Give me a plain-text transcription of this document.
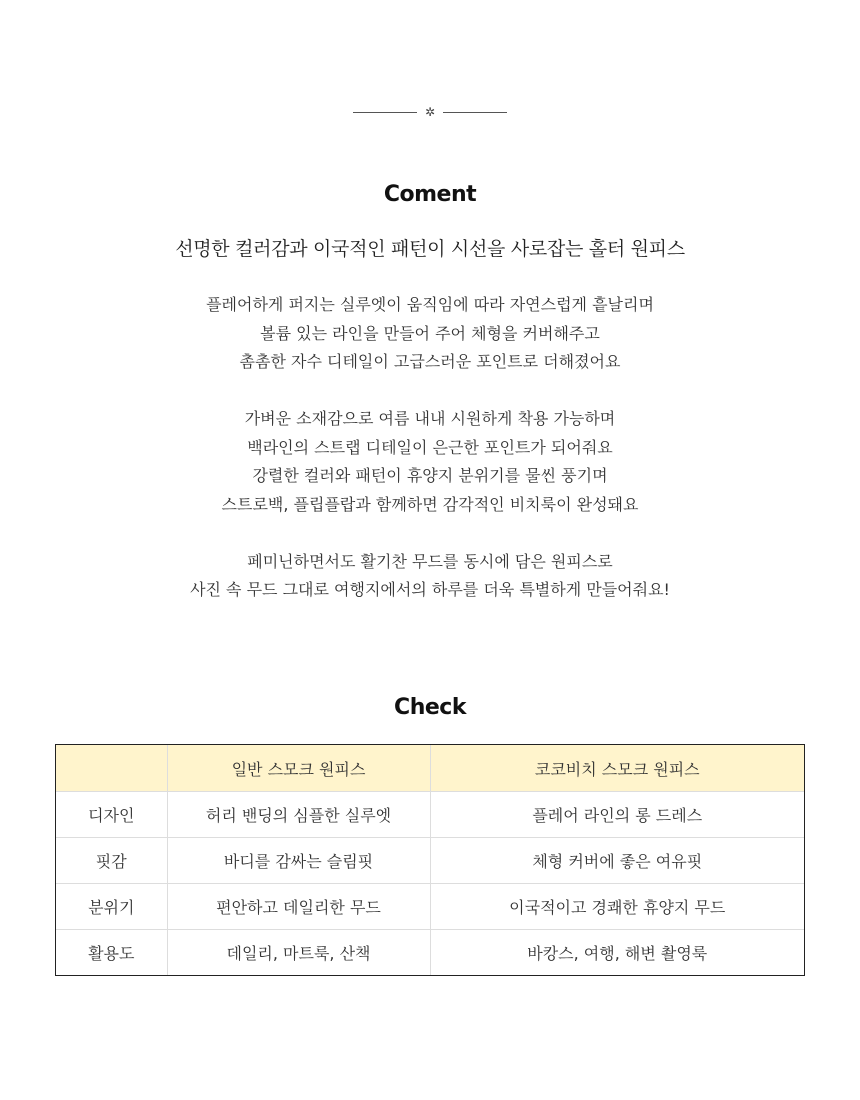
✲
Coment
선명한 컬러감과 이국적인 패턴이 시선을 사로잡는 홀터 원피스
플레어하게 퍼지는 실루엣이 움직임에 따라 자연스럽게 흩날리며
볼륨 있는 라인을 만들어 주어 체형을 커버해주고
촘촘한 자수 디테일이 고급스러운 포인트로 더해졌어요
가벼운 소재감으로 여름 내내 시원하게 착용 가능하며
백라인의 스트랩 디테일이 은근한 포인트가 되어줘요
강렬한 컬러와 패턴이 휴양지 분위기를 물씬 풍기며
스트로백, 플립플랍과 함께하면 감각적인 비치룩이 완성돼요
페미닌하면서도 활기찬 무드를 동시에 담은 원피스로
사진 속 무드 그대로 여행지에서의 하루를 더욱 특별하게 만들어줘요!
Check
	일반 스모크 원피스	코코비치 스모크 원피스
디자인	허리 밴딩의 심플한 실루엣	플레어 라인의 롱 드레스
핏감	바디를 감싸는 슬림핏	체형 커버에 좋은 여유핏
분위기	편안하고 데일리한 무드	이국적이고 경쾌한 휴양지 무드
활용도	데일리, 마트룩, 산책	바캉스, 여행, 해변 촬영룩
